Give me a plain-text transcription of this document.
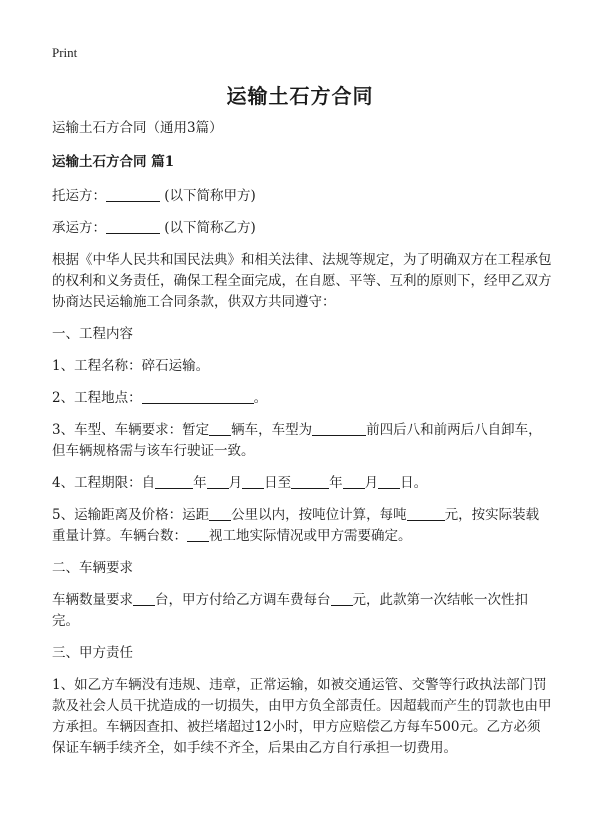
Print
运输土石方合同

运输土石方合同（通用3篇）

运输土石方合同 篇1

托运方：	(以下简称甲方)

承运方：	(以下简称乙方)

根据《中华人民共和国民法典》和相关法律、法规等规定，为了明确双方在工程承包的权利和义务责任，确保工程全面完成，在自愿、平等、互利的原则下，经甲乙双方协商达民运输施工合同条款，供双方共同遵守：

一、工程内容

1、工程名称：碎石运输。

2、工程地点：	。

3、车型、车辆要求：暂定 辆车，车型为	前四后八和前两后八自卸车，但车辆规格需与该车行驶证一致。

4、工程期限：自	年 月 日至	年 月 日。

5、运输距离及价格：运距 公里以内，按吨位计算，每吨	元，按实际装载重量计算。车辆台数： 视工地实际情况或甲方需要确定。

二、车辆要求

车辆数量要求 台，甲方付给乙方调车费每台 元，此款第一次结帐一次性扣完。

三、甲方责任

1、如乙方车辆没有违规、违章，正常运输，如被交通运管、交警等行政执法部门罚款及社会人员干扰造成的一切损失，由甲方负全部责任。因超载而产生的罚款也由甲方承担。车辆因查扣、被拦堵超过12小时，甲方应赔偿乙方每车500元。乙方必须保证车辆手续齐全，如手续不齐全，后果由乙方自行承担一切费用。
